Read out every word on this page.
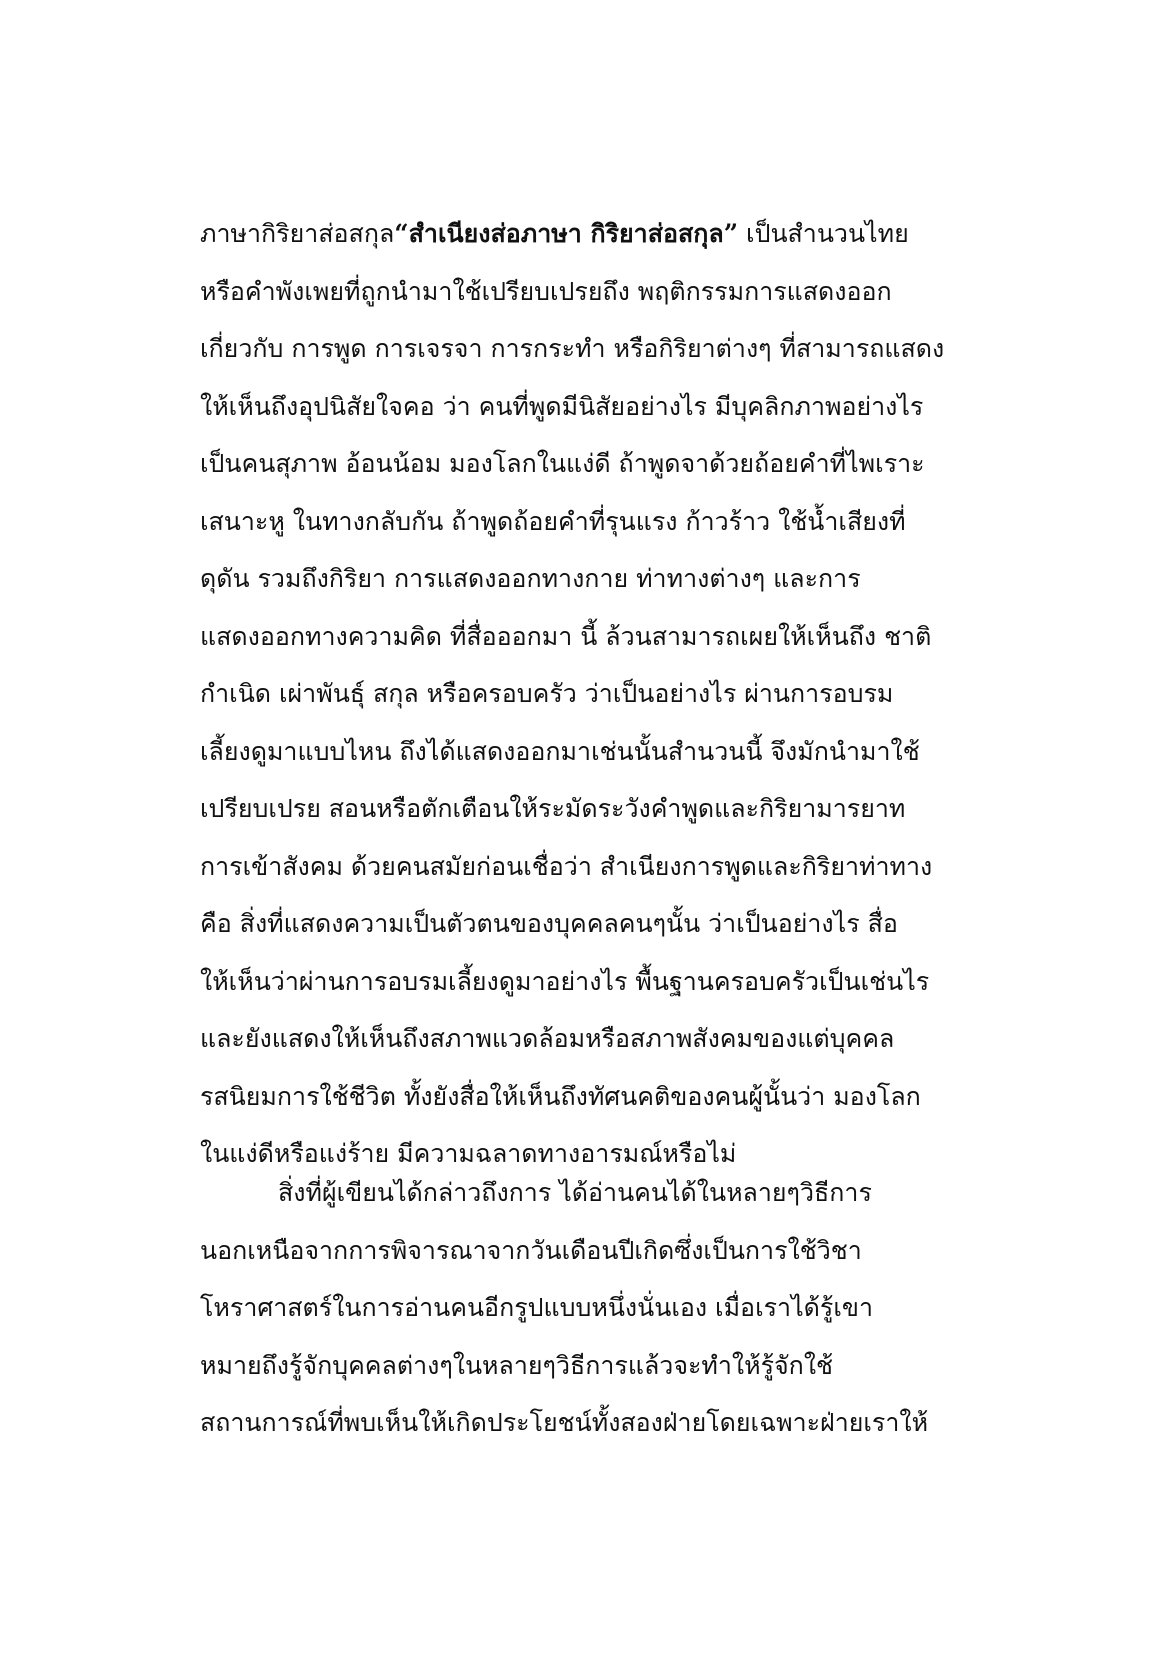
ภาษากิริยาส่อสกุล“สำเนียงส่อภาษา กิริยาส่อสกุล” เป็นสำนวนไทย
หรือคำพังเพยที่ถูกนำมาใช้เปรียบเปรยถึง พฤติกรรมการแสดงออก
เกี่ยวกับ การพูด การเจรจา การกระทำ หรือกิริยาต่างๆ ที่สามารถแสดง
ให้เห็นถึงอุปนิสัยใจคอ ว่า คนที่พูดมีนิสัยอย่างไร มีบุคลิกภาพอย่างไร
เป็นคนสุภาพ อ้อนน้อม มองโลกในแง่ดี ถ้าพูดจาด้วยถ้อยคำที่ไพเราะ
เสนาะหู ในทางกลับกัน ถ้าพูดถ้อยคำที่รุนแรง ก้าวร้าว ใช้น้ำเสียงที่
ดุดัน รวมถึงกิริยา การแสดงออกทางกาย ท่าทางต่างๆ และการ
แสดงออกทางความคิด ที่สื่อออกมา นี้ ล้วนสามารถเผยให้เห็นถึง ชาติ
กำเนิด เผ่าพันธุ์ สกุล หรือครอบครัว ว่าเป็นอย่างไร ผ่านการอบรม
เลี้ยงดูมาแบบไหน ถึงได้แสดงออกมาเช่นนั้นสำนวนนี้ จึงมักนำมาใช้
เปรียบเปรย สอนหรือตักเตือนให้ระมัดระวังคำพูดและกิริยามารยาท
การเข้าสังคม ด้วยคนสมัยก่อนเชื่อว่า สำเนียงการพูดและกิริยาท่าทาง
คือ สิ่งที่แสดงความเป็นตัวตนของบุคคลคนๆนั้น ว่าเป็นอย่างไร สื่อ
ให้เห็นว่าผ่านการอบรมเลี้ยงดูมาอย่างไร พื้นฐานครอบครัวเป็นเช่นไร
และยังแสดงให้เห็นถึงสภาพแวดล้อมหรือสภาพสังคมของแต่บุคคล
รสนิยมการใช้ชีวิต ทั้งยังสื่อให้เห็นถึงทัศนคติของคนผู้นั้นว่า มองโลก
ในแง่ดีหรือแง่ร้าย มีความฉลาดทางอารมณ์หรือไม่
สิ่งที่ผู้เขียนได้กล่าวถึงการ ได้อ่านคนได้ในหลายๆวิธีการ
นอกเหนือจากการพิจารณาจากวันเดือนปีเกิดซึ่งเป็นการใช้วิชา
โหราศาสตร์ในการอ่านคนอีกรูปแบบหนึ่งนั่นเอง เมื่อเราได้รู้เขา
หมายถึงรู้จักบุคคลต่างๆในหลายๆวิธีการแล้วจะทำให้รู้จักใช้
สถานการณ์ที่พบเห็นให้เกิดประโยชน์ทั้งสองฝ่ายโดยเฉพาะฝ่ายเราให้
